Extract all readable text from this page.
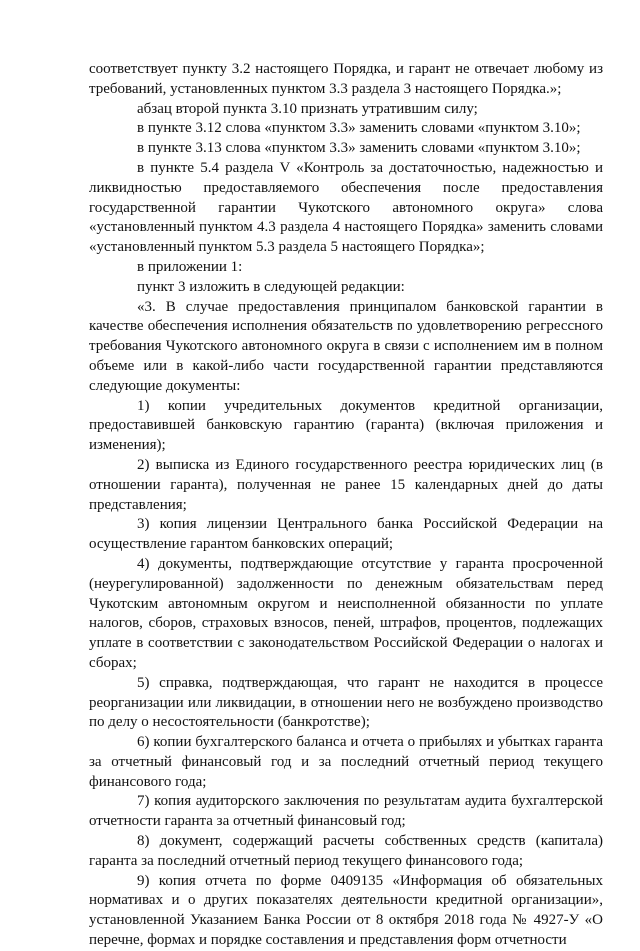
соответствует пункту 3.2 настоящего Порядка, и гарант не отвечает любому из требований, установленных пунктом 3.3 раздела 3 настоящего Порядка.»;

абзац второй пункта 3.10 признать утратившим силу;

в пункте 3.12 слова «пунктом 3.3» заменить словами «пунктом 3.10»;

в пункте 3.13 слова «пунктом 3.3» заменить словами «пунктом 3.10»;

в пункте 5.4 раздела V «Контроль за достаточностью, надежностью и ликвидностью предоставляемого обеспечения после предоставления государственной гарантии Чукотского автономного округа» слова «установленный пунктом 4.3 раздела 4 настоящего Порядка» заменить словами «установленный пунктом 5.3 раздела 5 настоящего Порядка»;

в приложении 1:

пункт 3 изложить в следующей редакции:

«3. В случае предоставления принципалом банковской гарантии в качестве обеспечения исполнения обязательств по удовлетворению регрессного требования Чукотского автономного округа в связи с исполнением им в полном объеме или в какой-либо части государственной гарантии представляются следующие документы:

1) копии учредительных документов кредитной организации, предоставившей банковскую гарантию (гаранта) (включая приложения и изменения);

2) выписка из Единого государственного реестра юридических лиц (в отношении гаранта), полученная не ранее 15 календарных дней до даты представления;

3) копия лицензии Центрального банка Российской Федерации на осуществление гарантом банковских операций;

4) документы, подтверждающие отсутствие у гаранта просроченной (неурегулированной) задолженности по денежным обязательствам перед Чукотским автономным округом и неисполненной обязанности по уплате налогов, сборов, страховых взносов, пеней, штрафов, процентов, подлежащих уплате в соответствии с законодательством Российской Федерации о налогах и сборах;

5) справка, подтверждающая, что гарант не находится в процессе реорганизации или ликвидации, в отношении него не возбуждено производство по делу о несостоятельности (банкротстве);

6) копии бухгалтерского баланса и отчета о прибылях и убытках гаранта за отчетный финансовый год и за последний отчетный период текущего финансового года;

7) копия аудиторского заключения по результатам аудита бухгалтерской отчетности гаранта за отчетный финансовый год;

8) документ, содержащий расчеты собственных средств (капитала) гаранта за последний отчетный период текущего финансового года;

9) копия отчета по форме 0409135 «Информация об обязательных нормативах и о других показателях деятельности кредитной организации», установленной Указанием Банка России от 8 октября 2018 года № 4927-У «О перечне, формах и порядке составления и представления форм отчетности
